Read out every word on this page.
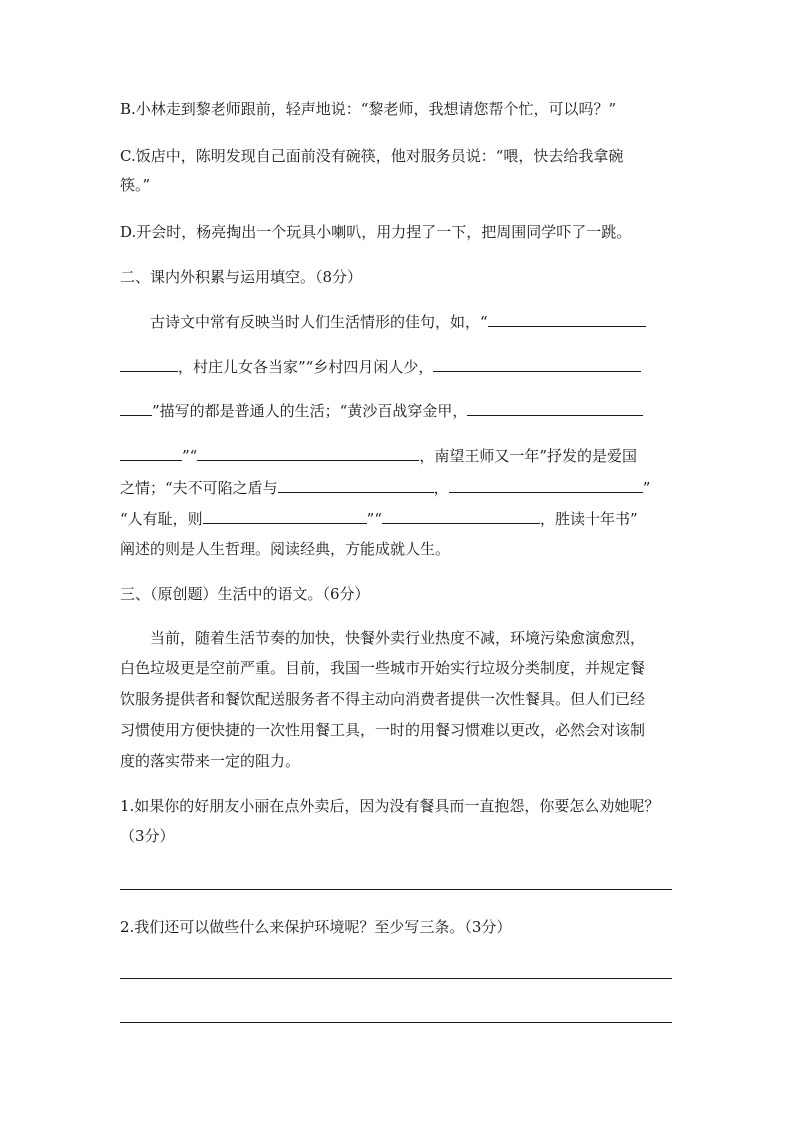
B.小林走到黎老师跟前，轻声地说：“黎老师，我想请您帮个忙，可以吗？”
C.饭店中，陈明发现自己面前没有碗筷，他对服务员说：“喂，快去给我拿碗
筷。”
D.开会时，杨亮掏出一个玩具小喇叭，用力捏了一下，把周围同学吓了一跳。
二、课内外积累与运用填空。（8分）
古诗文中常有反映当时人们生活情形的佳句，如，“
，村庄儿女各当家”“乡村四月闲人少，
”描写的都是普通人的生活；“黄沙百战穿金甲，
”“	，南望王师又一年”抒发的是爱国
之情；“夫不可陷之盾与	，	”
“人有耻，则	”“	，胜读十年书”
阐述的则是人生哲理。阅读经典，方能成就人生。
三、（原创题）生活中的语文。（6分）
当前，随着生活节奏的加快，快餐外卖行业热度不减，环境污染愈演愈烈，
白色垃圾更是空前严重。目前，我国一些城市开始实行垃圾分类制度，并规定餐
饮服务提供者和餐饮配送服务者不得主动向消费者提供一次性餐具。但人们已经
习惯使用方便快捷的一次性用餐工具，一时的用餐习惯难以更改，必然会对该制
度的落实带来一定的阻力。
1.如果你的好朋友小丽在点外卖后，因为没有餐具而一直抱怨，你要怎么劝她呢？
（3分）
2.我们还可以做些什么来保护环境呢？至少写三条。（3分）
